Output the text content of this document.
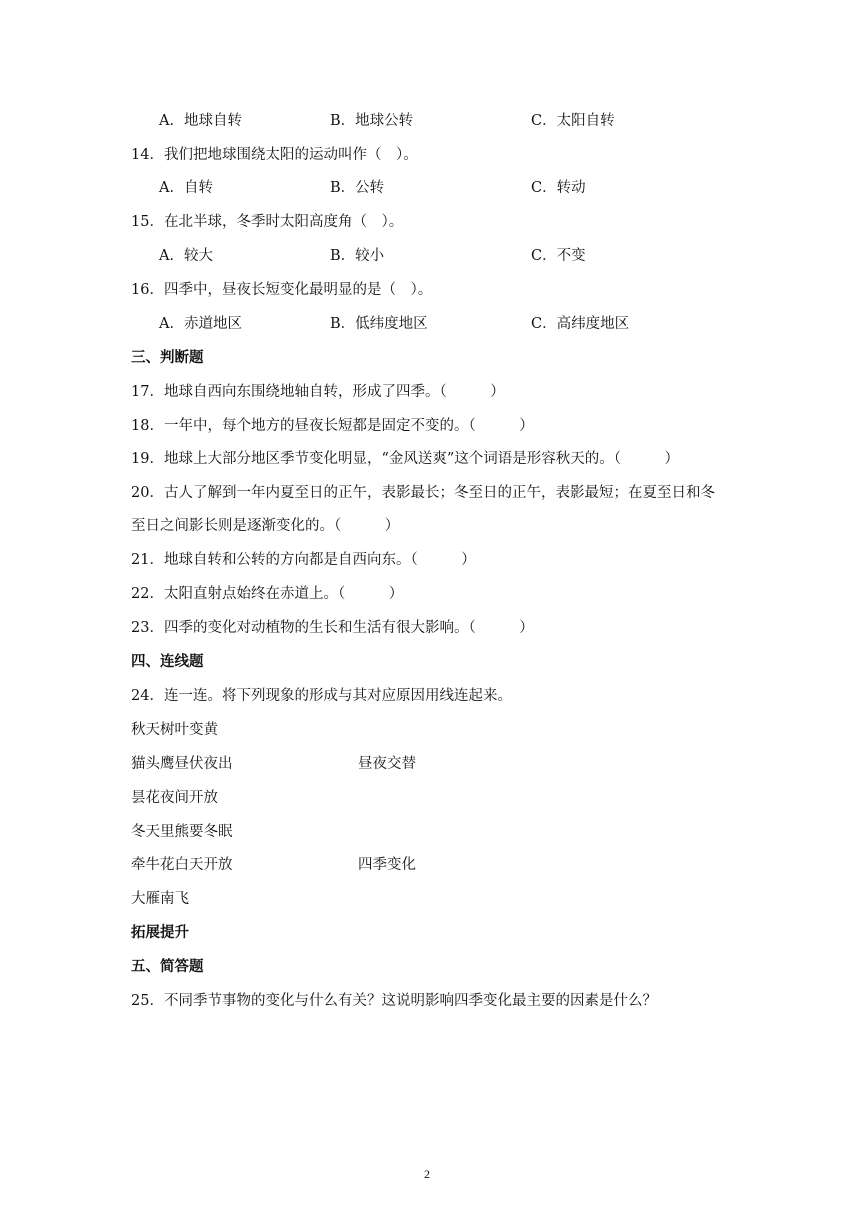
A．地球自转	B．地球公转	C．太阳自转
14．我们把地球围绕太阳的运动叫作（　）。
A．自转	B．公转	C．转动
15．在北半球，冬季时太阳高度角（　）。
A．较大	B．较小	C．不变
16．四季中，昼夜长短变化最明显的是（　）。
A．赤道地区	B．低纬度地区	C．高纬度地区
三、判断题
17．地球自西向东围绕地轴自转，形成了四季。（　　　）
18．一年中，每个地方的昼夜长短都是固定不变的。（　　　）
19．地球上大部分地区季节变化明显，“金风送爽”这个词语是形容秋天的。（　　　）
20．古人了解到一年内夏至日的正午，表影最长；冬至日的正午，表影最短；在夏至日和冬
至日之间影长则是逐渐变化的。（　　　）
21．地球自转和公转的方向都是自西向东。（　　　）
22．太阳直射点始终在赤道上。（　　　）
23．四季的变化对动植物的生长和生活有很大影响。（　　　）
四、连线题
24．连一连。将下列现象的形成与其对应原因用线连起来。
秋天树叶变黄
猫头鹰昼伏夜出	昼夜交替
昙花夜间开放
冬天里熊要冬眠
牵牛花白天开放	四季变化
大雁南飞
拓展提升
五、简答题
25．不同季节事物的变化与什么有关？这说明影响四季变化最主要的因素是什么？
2
